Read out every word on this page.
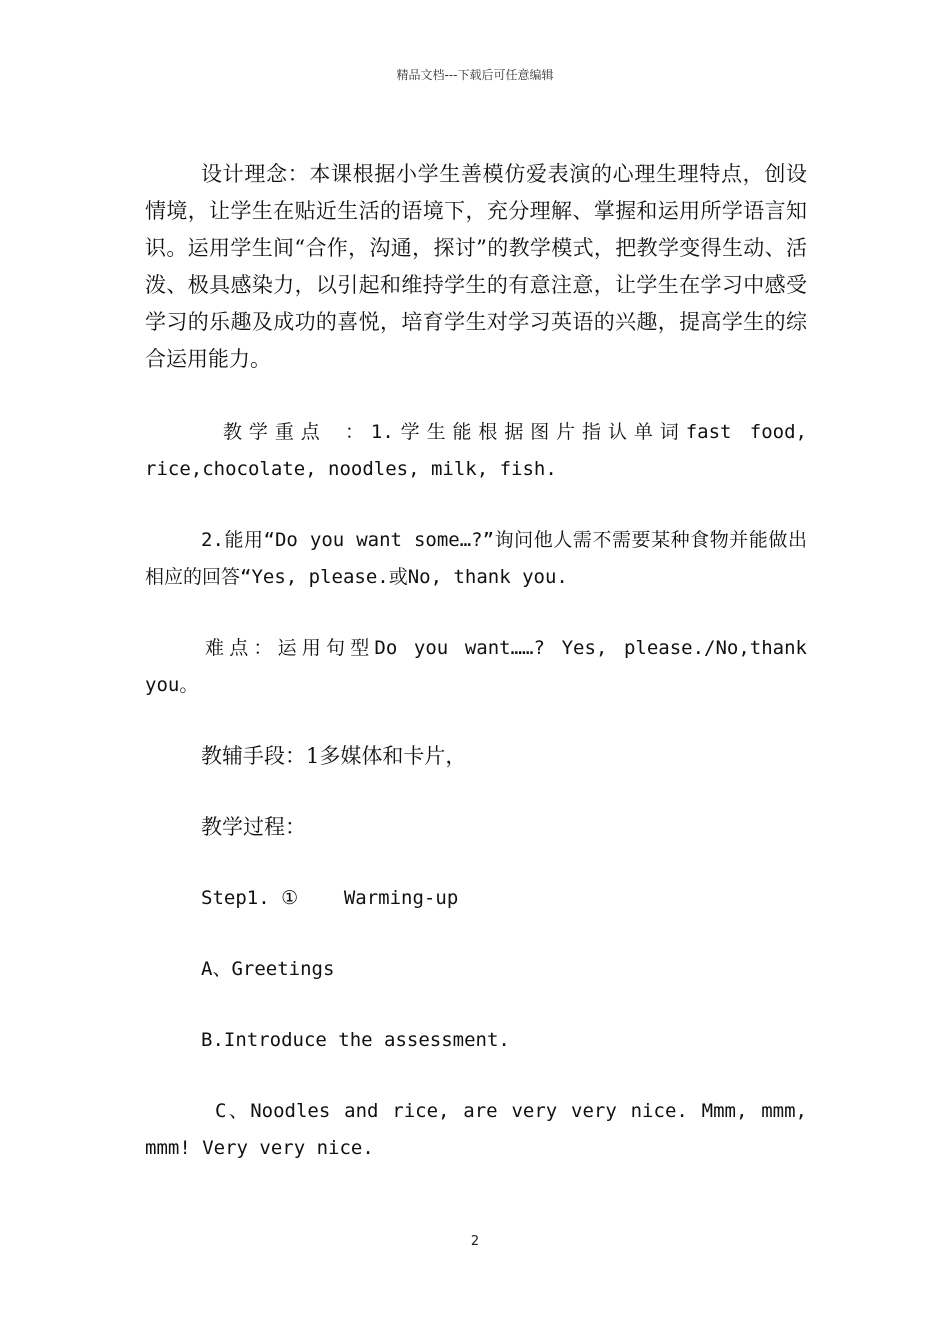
精品文档---下载后可任意编辑

设计理念：本课根据小学生善模仿爱表演的心理生理特点，创设情境，让学生在贴近生活的语境下，充分理解、掌握和运用所学语言知识。运用学生间“合作，沟通，探讨”的教学模式，把教学变得生动、活泼、极具感染力，以引起和维持学生的有意注意，让学生在学习中感受学习的乐趣及成功的喜悦，培育学生对学习英语的兴趣，提高学生的综合运用能力。

教学重点 ：1.学生能根据图片指认单词fast food, rice,chocolate, noodles, milk, fish.

2.能用“Do you want some…?”询问他人需不需要某种食物并能做出相应的回答“Yes, please.或No, thank you.

难点：运用句型Do you want……? Yes, please./No,thank you。

教辅手段：1多媒体和卡片，

教学过程：

Step1. ①    Warming-up

A、Greetings

B.Introduce the assessment.

C、Noodles and rice, are very very nice. Mmm, mmm, mmm! Very very nice.

2
